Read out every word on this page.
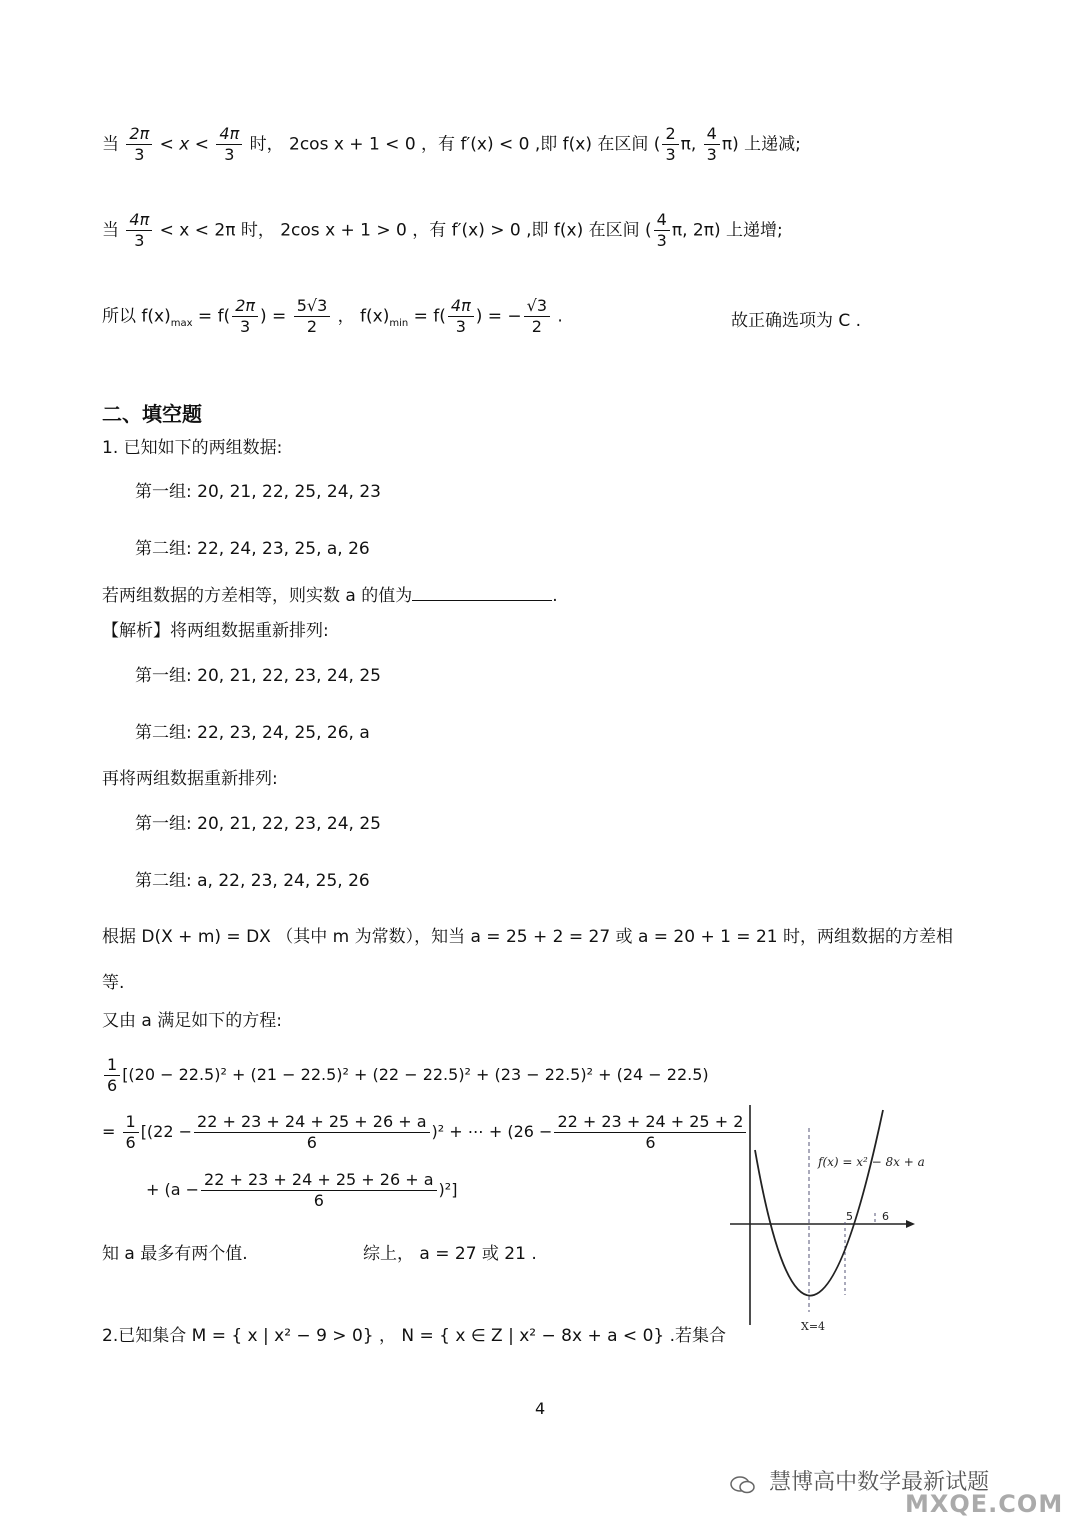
当 $\frac{2\pi}{3} < x < \frac{4\pi}{3}$ 时， 2cos x + 1 < 0 ，有 f′(x) < 0 ,即 f(x) 在区间 ( $\frac{2}{3} \pi$, $\frac{4}{3} \pi$) 上递减;
当 $\frac{4\pi}{3} < x < 2\pi$ 时， 2cos x + 1 > 0 ，有 f′(x) > 0 ,即 f(x) 在区间 ( $\frac{4}{3} \pi$, 2π) 上递增;
所以 $f(x)_{max} = f( \frac{2\pi}{3}$ ) = $\frac{5√3}{2}$ ， $f(x)_{min} = f( \frac{4\pi}{3}$ ) = − $\frac{√3}{2}$ .	故正确选项为 C .
二、填空题
1. 已知如下的两组数据:
第一组: 20, 21, 22, 25, 24, 23
第二组: 22, 24, 23, 25, a, 26
若两组数据的方差相等，则实数 a 的值为	.
【解析】将两组数据重新排列:
第一组: 20, 21, 22, 23, 24, 25
第二组: 22, 23, 24, 25, 26, a
再将两组数据重新排列:
第一组: 20, 21, 22, 23, 24, 25
第二组: a, 22, 23, 24, 25, 26
根据 D(X + m) = DX （其中 m 为常数），知当 a = 25 + 2 = 27 或 a = 20 + 1 = 21 时，两组数据的方差相
等.
又由 a 满足如下的方程:
$\frac{1}{6} [(20 - 22.5)^2 + (21 - 22.5)^2 + (22 - 22.5)^2 + (23 - 22.5)^2 + (24 - 22.5)$
= $\frac{1}{6} [(22 - \frac{22 + 23 + 24 + 25 + 26 + a}{6} )^2$ + ⋯ + ($26 - \frac{22 + 23 + 24 + 25 + 2}{6}$
+ $(a - \frac{22 + 23 + 24 + 25 + 26 + a}{6} )^2$]
知 a 最多有两个值.	综上， a = 27 或 21 .
f(x) = x² − 8x + a
5	6
X=4
2.已知集合 M = { x | x² − 9 > 0} ， N = { x ∈ Z | x² − 8x + a < 0} .若集合
4
慧博高中数学最新试题
MXQE.COM
